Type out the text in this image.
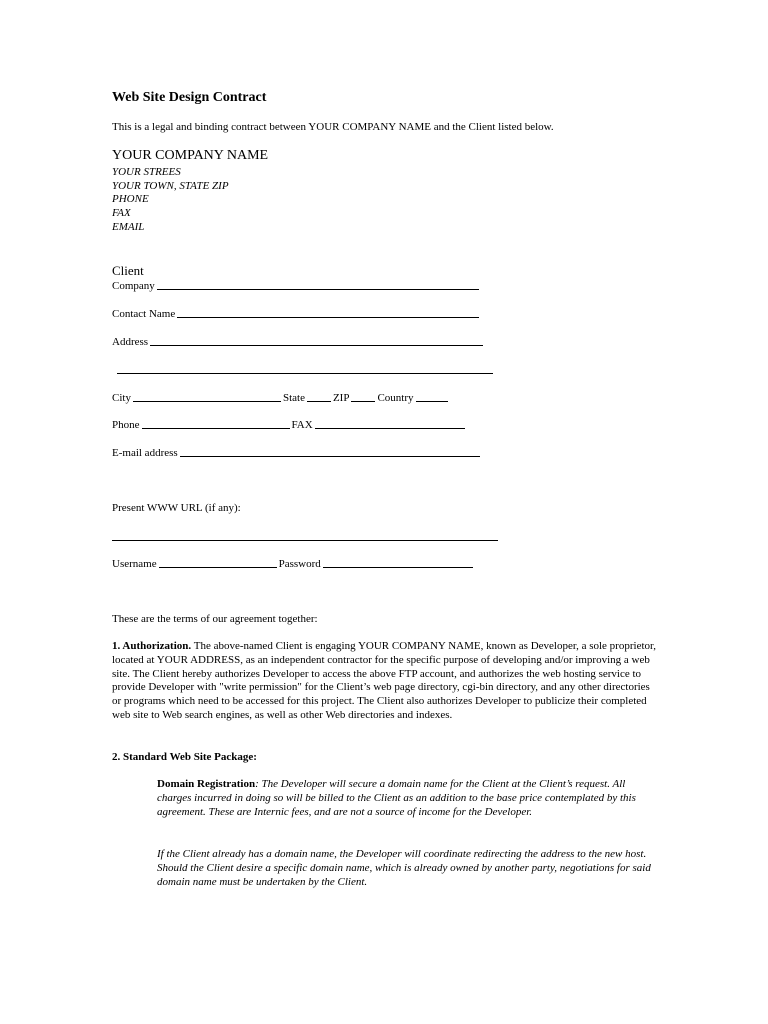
Web Site Design Contract
This is a legal and binding contract between YOUR COMPANY NAME and the Client listed below.
YOUR COMPANY NAME
YOUR STREES
YOUR TOWN, STATE ZIP
PHONE
FAX
EMAIL
Client
Company
Contact Name
Address
City	State	ZIP	Country
Phone	FAX
E-mail address
Present WWW URL (if any):
Username	Password
These are the terms of our agreement together:
1. Authorization. The above-named Client is engaging YOUR COMPANY NAME, known as Developer, a sole proprietor, located at YOUR ADDRESS, as an independent contractor for the specific purpose of developing and/or improving a web site. The Client hereby authorizes Developer to access the above FTP account, and authorizes the web hosting service to provide Developer with "write permission" for the Client’s web page directory, cgi-bin directory, and any other directories or programs which need to be accessed for this project. The Client also authorizes Developer to publicize their completed web site to Web search engines, as well as other Web directories and indexes.
2. Standard Web Site Package:
Domain Registration: The Developer will secure a domain name for the Client at the Client’s request. All charges incurred in doing so will be billed to the Client as an addition to the base price contemplated by this agreement. These are Internic fees, and are not a source of income for the Developer.
If the Client already has a domain name, the Developer will coordinate redirecting the address to the new host. Should the Client desire a specific domain name, which is already owned by another party, negotiations for said domain name must be undertaken by the Client.
